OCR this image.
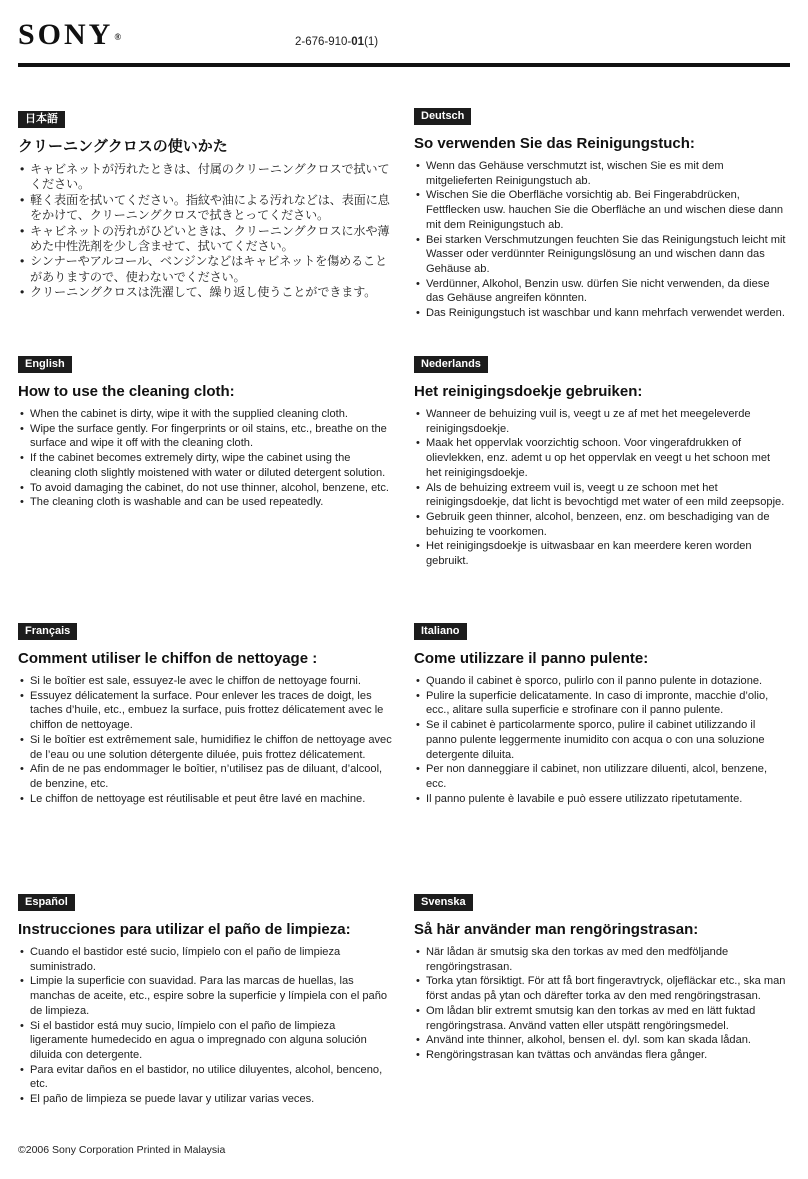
SONY®	2-676-910-01(1)
日本語
クリーニングクロスの使いかた
• キャビネットが汚れたときは、付属のクリーニングクロスで拭いてください。
• 軽く表面を拭いてください。指紋や油による汚れなどは、表面に息をかけて、クリーニングクロスで拭きとってください。
• キャビネットの汚れがひどいときは、クリーニングクロスに水や薄めた中性洗剤を少し含ませて、拭いてください。
• シンナーやアルコール、ベンジンなどはキャビネットを傷めることがありますので、使わないでください。
• クリーニングクロスは洗濯して、繰り返し使うことができます。
Deutsch
So verwenden Sie das Reinigungstuch:
• Wenn das Gehäuse verschmutzt ist, wischen Sie es mit dem mitgelieferten Reinigungstuch ab.
• Wischen Sie die Oberfläche vorsichtig ab. Bei Fingerabdrücken, Fettflecken usw. hauchen Sie die Oberfläche an und wischen diese dann mit dem Reinigungstuch ab.
• Bei starken Verschmutzungen feuchten Sie das Reinigungstuch leicht mit Wasser oder verdünnter Reinigungslösung an und wischen dann das Gehäuse ab.
• Verdünner, Alkohol, Benzin usw. dürfen Sie nicht verwenden, da diese das Gehäuse angreifen könnten.
• Das Reinigungstuch ist waschbar und kann mehrfach verwendet werden.
English
How to use the cleaning cloth:
• When the cabinet is dirty, wipe it with the supplied cleaning cloth.
• Wipe the surface gently. For fingerprints or oil stains, etc., breathe on the surface and wipe it off with the cleaning cloth.
• If the cabinet becomes extremely dirty, wipe the cabinet using the cleaning cloth slightly moistened with water or diluted detergent solution.
• To avoid damaging the cabinet, do not use thinner, alcohol, benzene, etc.
• The cleaning cloth is washable and can be used repeatedly.
Nederlands
Het reinigingsdoekje gebruiken:
• Wanneer de behuizing vuil is, veegt u ze af met het meegeleverde reinigingsdoekje.
• Maak het oppervlak voorzichtig schoon. Voor vingerafdrukken of olievlekken, enz. ademt u op het oppervlak en veegt u het schoon met het reinigingsdoekje.
• Als de behuizing extreem vuil is, veegt u ze schoon met het reinigingsdoekje, dat licht is bevochtigd met water of een mild zeepsopje.
• Gebruik geen thinner, alcohol, benzeen, enz. om beschadiging van de behuizing te voorkomen.
• Het reinigingsdoekje is uitwasbaar en kan meerdere keren worden gebruikt.
Français
Comment utiliser le chiffon de nettoyage :
• Si le boîtier est sale, essuyez-le avec le chiffon de nettoyage fourni.
• Essuyez délicatement la surface. Pour enlever les traces de doigt, les taches d’huile, etc., embuez la surface, puis frottez délicatement avec le chiffon de nettoyage.
• Si le boîtier est extrêmement sale, humidifiez le chiffon de nettoyage avec de l’eau ou une solution détergente diluée, puis frottez délicatement.
• Afin de ne pas endommager le boîtier, n’utilisez pas de diluant, d’alcool, de benzine, etc.
• Le chiffon de nettoyage est réutilisable et peut être lavé en machine.
Italiano
Come utilizzare il panno pulente:
• Quando il cabinet è sporco, pulirlo con il panno pulente in dotazione.
• Pulire la superficie delicatamente. In caso di impronte, macchie d’olio, ecc., alitare sulla superficie e strofinare con il panno pulente.
• Se il cabinet è particolarmente sporco, pulire il cabinet utilizzando il panno pulente leggermente inumidito con acqua o con una soluzione detergente diluita.
• Per non danneggiare il cabinet, non utilizzare diluenti, alcol, benzene, ecc.
• Il panno pulente è lavabile e può essere utilizzato ripetutamente.
Español
Instrucciones para utilizar el paño de limpieza:
• Cuando el bastidor esté sucio, límpielo con el paño de limpieza suministrado.
• Limpie la superficie con suavidad. Para las marcas de huellas, las manchas de aceite, etc., espire sobre la superficie y límpiela con el paño de limpieza.
• Si el bastidor está muy sucio, límpielo con el paño de limpieza ligeramente humedecido en agua o impregnado con alguna solución diluida con detergente.
• Para evitar daños en el bastidor, no utilice diluyentes, alcohol, benceno, etc.
• El paño de limpieza se puede lavar y utilizar varias veces.
Svenska
Så här använder man rengöringstrasan:
• När lådan är smutsig ska den torkas av med den medföljande rengöringstrasan.
• Torka ytan försiktigt. För att få bort fingeravtryck, oljefläckar etc., ska man först andas på ytan och därefter torka av den med rengöringstrasan.
• Om lådan blir extremt smutsig kan den torkas av med en lätt fuktad rengöringstrasa. Använd vatten eller utspätt rengöringsmedel.
• Använd inte thinner, alkohol, bensen el. dyl. som kan skada lådan.
• Rengöringstrasan kan tvättas och användas flera gånger.
©2006 Sony Corporation Printed in Malaysia
